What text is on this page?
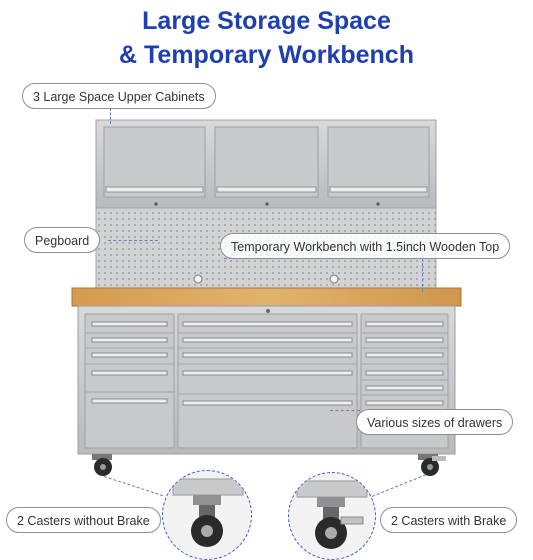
Large Storage Space
& Temporary Workbench
3 Large Space Upper Cabinets
Pegboard	Temporary Workbench with 1.5inch Wooden Top
Various sizes of drawers
2 Casters without Brake	2 Casters with Brake
